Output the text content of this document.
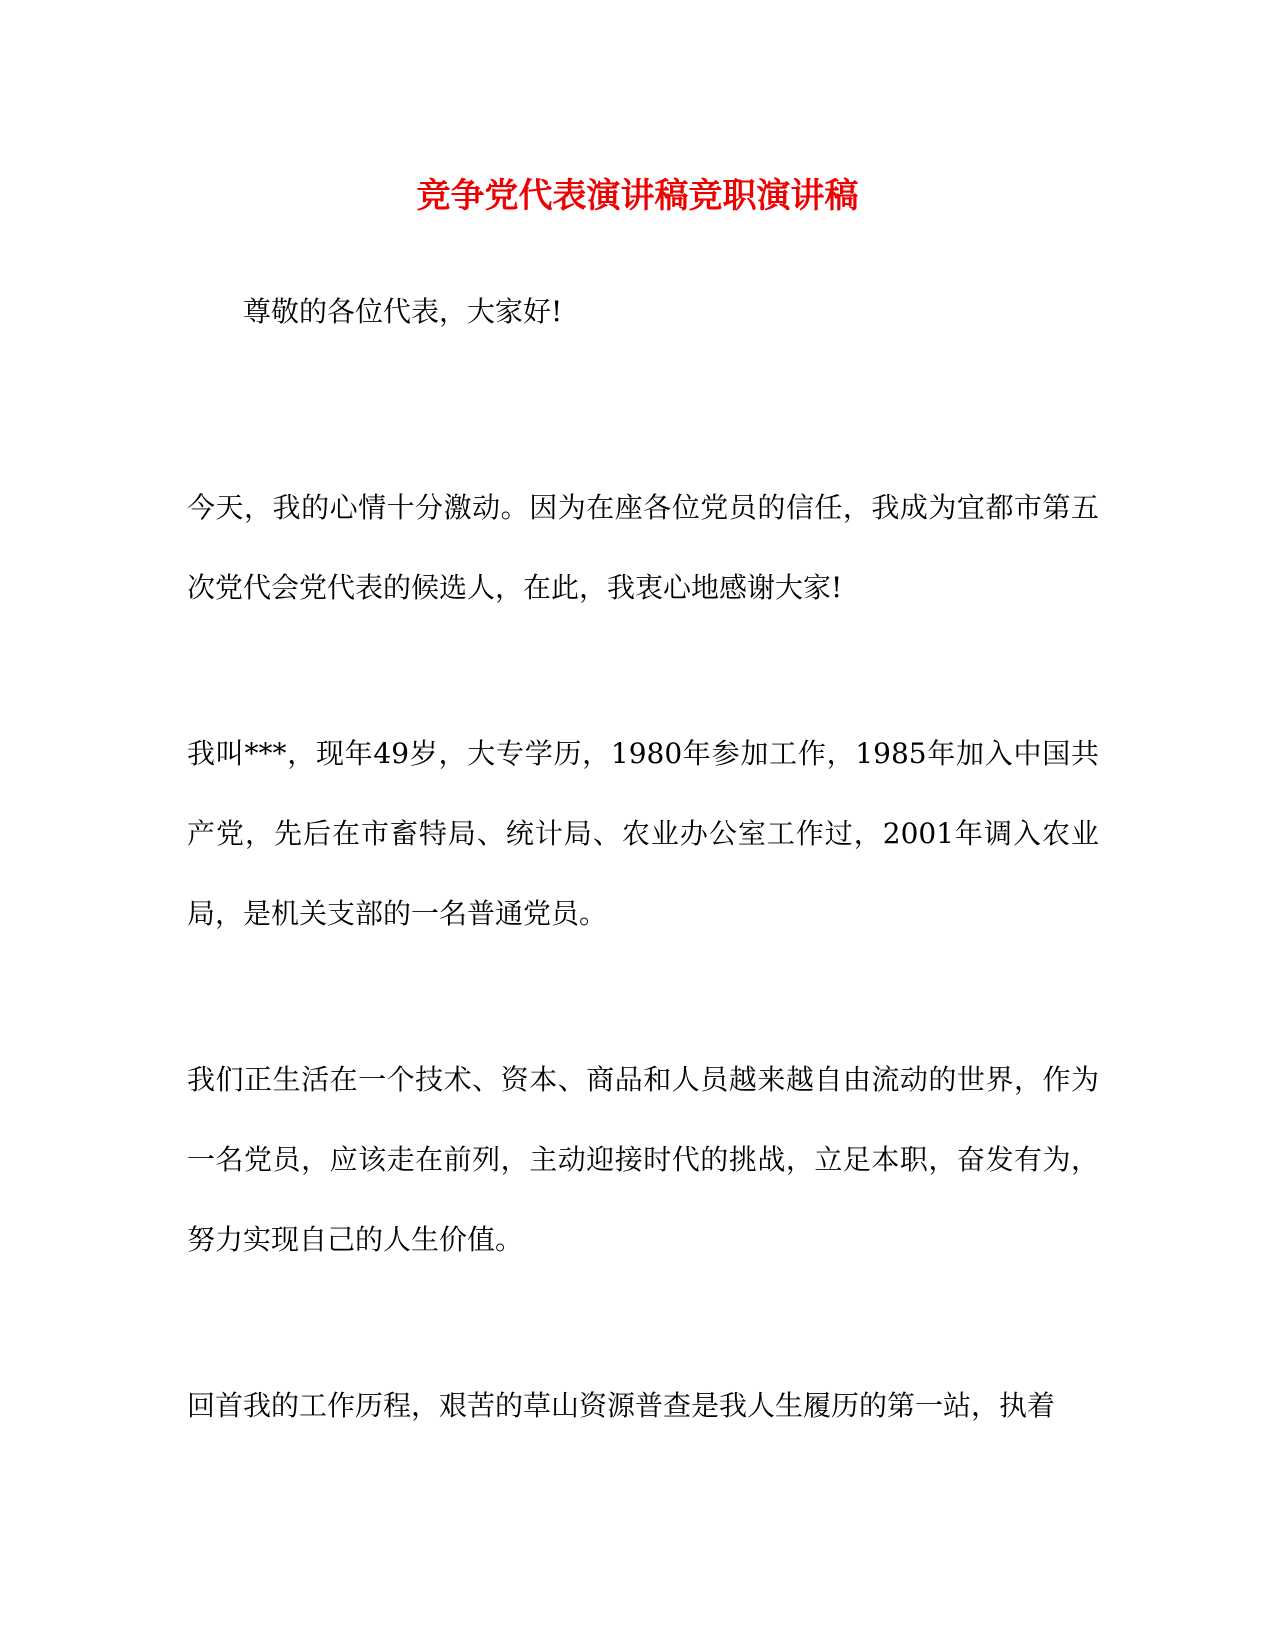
竞争党代表演讲稿竞职演讲稿

尊敬的各位代表，大家好!

今天，我的心情十分激动。因为在座各位党员的信任，我成为宜都市第五次党代会党代表的候选人，在此，我衷心地感谢大家!

我叫***，现年49岁，大专学历，1980年参加工作，1985年加入中国共产党，先后在市畜特局、统计局、农业办公室工作过，2001年调入农业局，是机关支部的一名普通党员。

我们正生活在一个技术、资本、商品和人员越来越自由流动的世界，作为一名党员，应该走在前列，主动迎接时代的挑战，立足本职，奋发有为，努力实现自己的人生价值。

回首我的工作历程，艰苦的草山资源普查是我人生履历的第一站，执着
